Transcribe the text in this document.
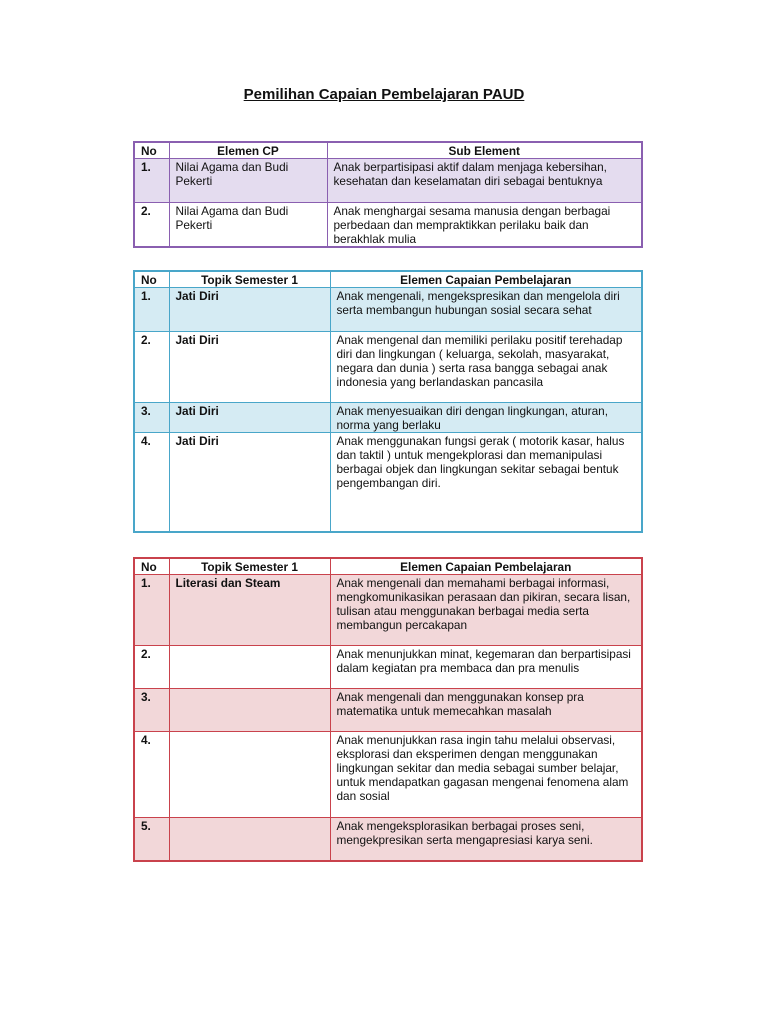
Pemilihan Capaian Pembelajaran PAUD
No	Elemen CP	Sub Element
1.	Nilai Agama dan Budi Pekerti	Anak berpartisipasi aktif dalam menjaga kebersihan, kesehatan dan keselamatan diri sebagai bentuknya
2.	Nilai Agama dan Budi Pekerti	Anak menghargai sesama manusia dengan berbagai perbedaan dan mempraktikkan perilaku baik dan berakhlak mulia
No	Topik Semester 1	Elemen Capaian Pembelajaran
1.	Jati Diri	Anak mengenali, mengekspresikan dan mengelola diri serta membangun hubungan sosial secara sehat
2.	Jati Diri	Anak mengenal dan memiliki perilaku positif terehadap diri dan lingkungan ( keluarga, sekolah, masyarakat, negara dan dunia ) serta rasa bangga sebagai anak indonesia yang berlandaskan pancasila
3.	Jati Diri	Anak menyesuaikan diri dengan lingkungan, aturan, norma yang berlaku
4.	Jati Diri	Anak menggunakan fungsi gerak ( motorik kasar, halus dan taktil ) untuk mengekplorasi dan memanipulasi berbagai objek dan lingkungan sekitar sebagai bentuk pengembangan diri.
No	Topik Semester 1	Elemen Capaian Pembelajaran
1.	Literasi dan Steam	Anak mengenali dan memahami berbagai informasi, mengkomunikasikan perasaan dan pikiran, secara lisan, tulisan atau menggunakan berbagai media serta membangun percakapan
2.		Anak menunjukkan minat, kegemaran dan berpartisipasi dalam kegiatan pra membaca dan pra menulis
3.		Anak mengenali dan menggunakan konsep pra matematika untuk memecahkan masalah
4.		Anak menunjukkan rasa ingin tahu melalui observasi, eksplorasi dan eksperimen dengan menggunakan lingkungan sekitar dan media sebagai sumber belajar, untuk mendapatkan gagasan mengenai fenomena alam dan sosial
5.		Anak mengeksplorasikan berbagai proses seni, mengekpresikan serta mengapresiasi karya seni.
